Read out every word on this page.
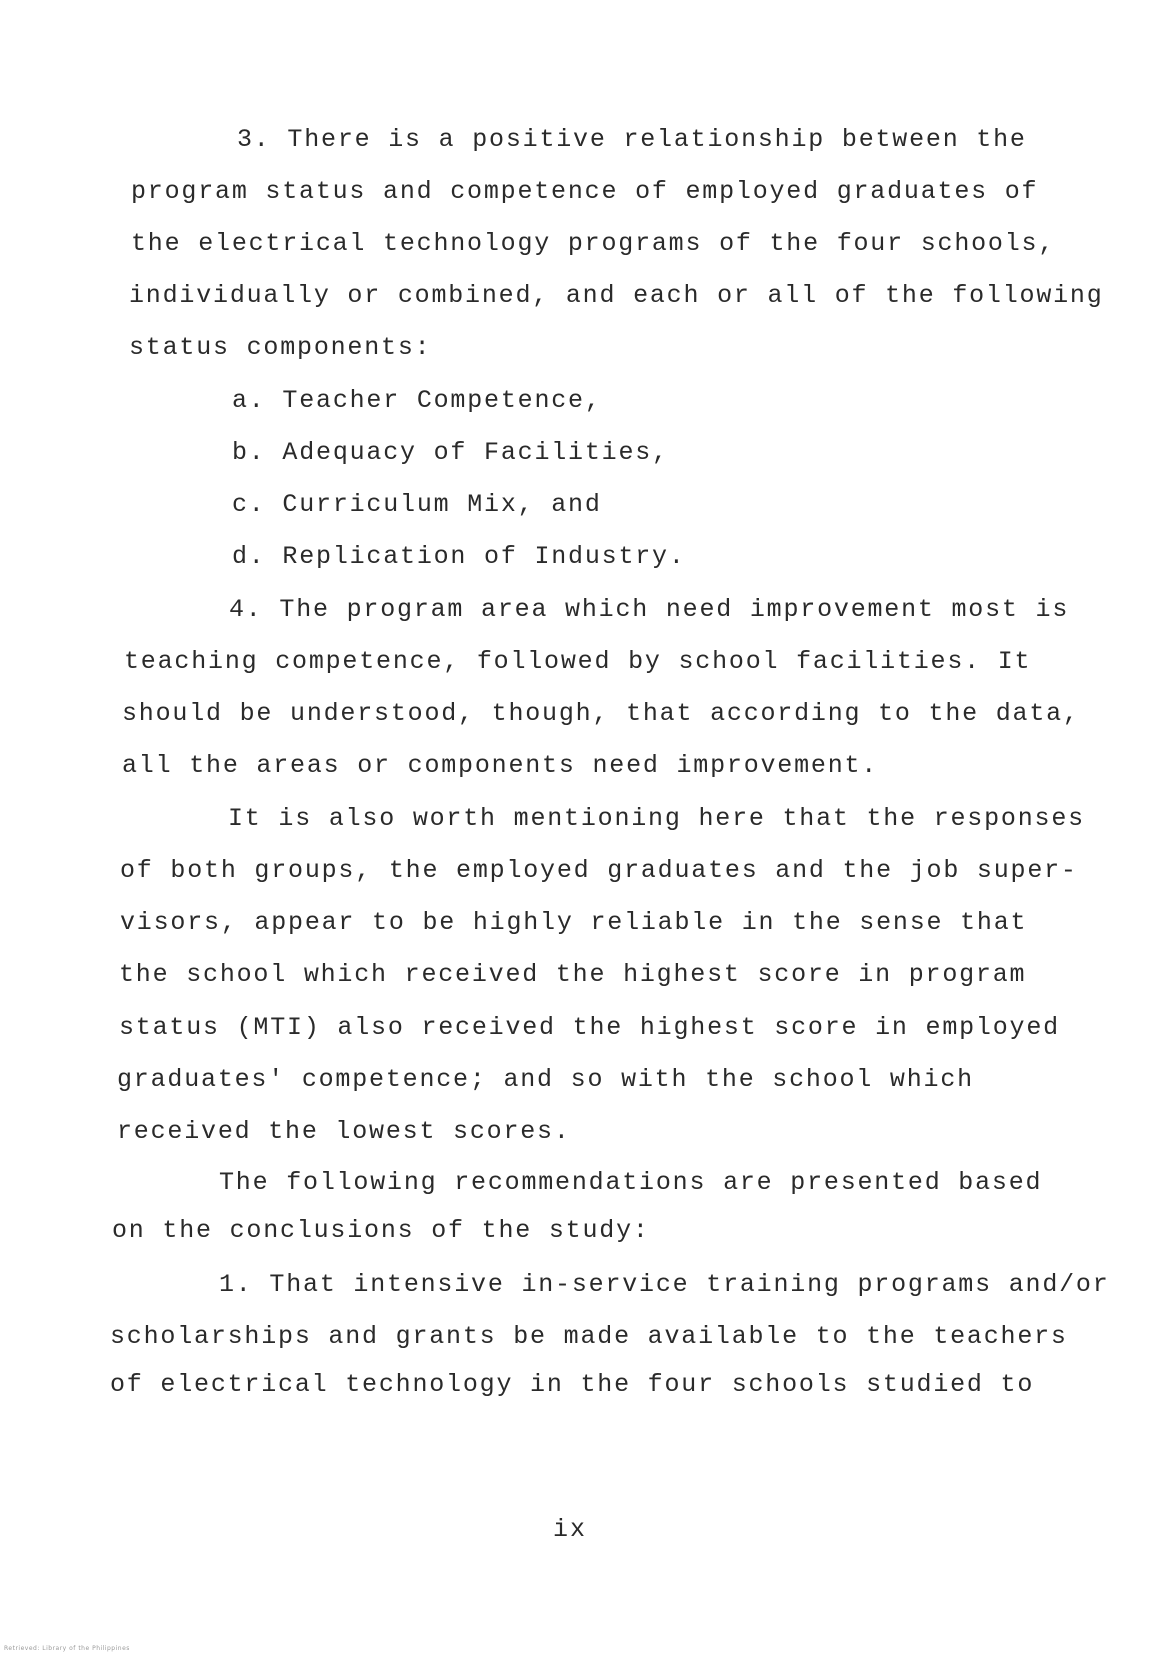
3. There is a positive relationship between the
program status and competence of employed graduates of
the electrical technology programs of the four schools,
individually or combined, and each or all of the following
status components:
a. Teacher Competence,
b. Adequacy of Facilities,
c. Curriculum Mix, and
d. Replication of Industry.
4. The program area which need improvement most is
teaching competence, followed by school facilities. It
should be understood, though, that according to the data,
all the areas or components need improvement.
It is also worth mentioning here that the responses
of both groups, the employed graduates and the job super-
visors, appear to be highly reliable in the sense that
the school which received the highest score in program
status (MTI) also received the highest score in employed
graduates' competence; and so with the school which
received the lowest scores.
The following recommendations are presented based
on the conclusions of the study:
1. That intensive in-service training programs and/or
scholarships and grants be made available to the teachers
of electrical technology in the four schools studied to
ix
Retrieved: Library of the Philippines
